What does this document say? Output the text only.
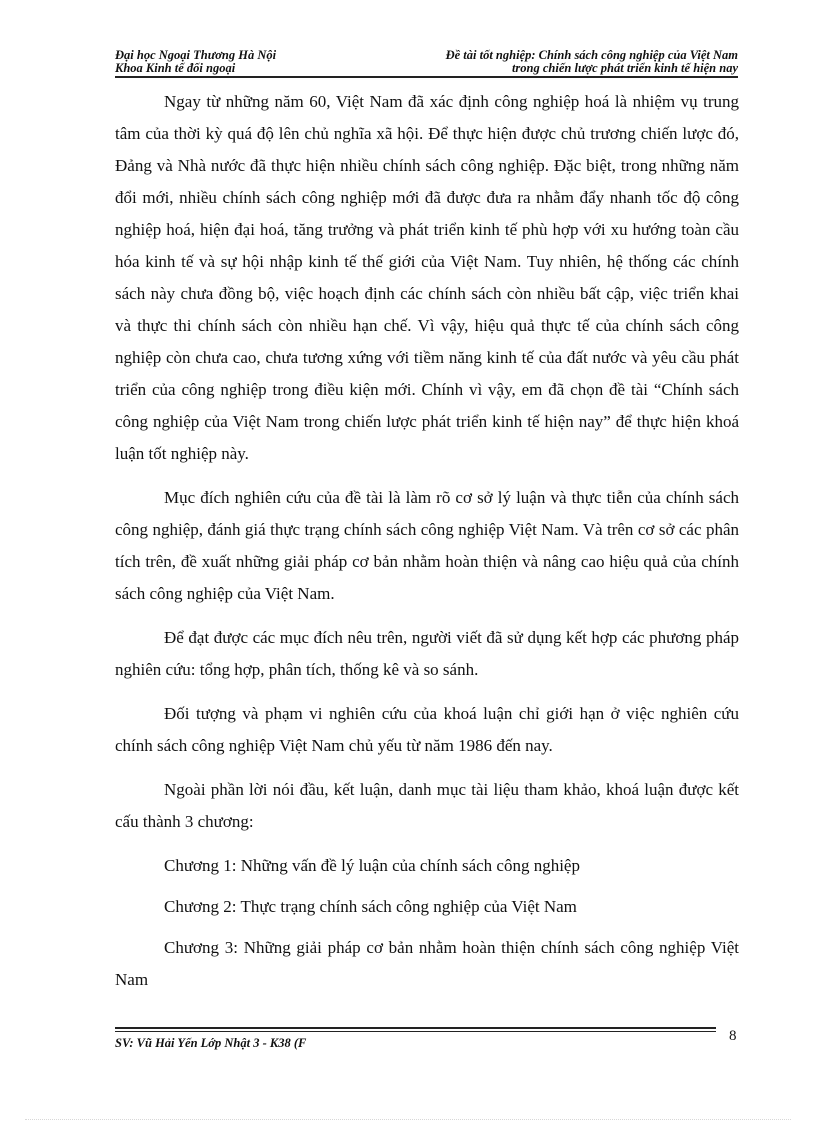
Đại học Ngoại Thương Hà Nội	Đề tài tốt nghiệp: Chính sách công nghiệp của Việt Nam
Khoa Kinh tế đối ngoại	trong chiến lược phát triển kinh tế hiện nay

Ngay từ những năm 60, Việt Nam đã xác định công nghiệp hoá là nhiệm vụ trung tâm của thời kỳ quá độ lên chủ nghĩa xã hội. Để thực hiện được chủ trương chiến lược đó, Đảng và Nhà nước đã thực hiện nhiều chính sách công nghiệp. Đặc biệt, trong những năm đổi mới, nhiều chính sách công nghiệp mới đã được đưa ra nhằm đẩy nhanh tốc độ công nghiệp hoá, hiện đại hoá, tăng trưởng và phát triển kinh tế phù hợp với xu hướng toàn cầu hóa kinh tế và sự hội nhập kinh tế thế giới của Việt Nam. Tuy nhiên, hệ thống các chính sách này chưa đồng bộ, việc hoạch định các chính sách còn nhiều bất cập, việc triển khai và thực thi chính sách còn nhiều hạn chế. Vì vậy, hiệu quả thực tế của chính sách công nghiệp còn chưa cao, chưa tương xứng với tiềm năng kinh tế của đất nước và yêu cầu phát triển của công nghiệp trong điều kiện mới. Chính vì vậy, em đã chọn đề tài “Chính sách công nghiệp của Việt Nam trong chiến lược phát triển kinh tế hiện nay” để thực hiện khoá luận tốt nghiệp này.

Mục đích nghiên cứu của đề tài là làm rõ cơ sở lý luận và thực tiễn của chính sách công nghiệp, đánh giá thực trạng chính sách công nghiệp Việt Nam. Và trên cơ sở các phân tích trên, đề xuất những giải pháp cơ bản nhằm hoàn thiện và nâng cao hiệu quả của chính sách công nghiệp của Việt Nam.

Để đạt được các mục đích nêu trên, người viết đã sử dụng kết hợp các phương pháp nghiên cứu: tổng hợp, phân tích, thống kê và so sánh.

Đối tượng và phạm vi nghiên cứu của khoá luận chỉ giới hạn ở việc nghiên cứu chính sách công nghiệp Việt Nam chủ yếu từ năm 1986 đến nay.

Ngoài phần lời nói đầu, kết luận, danh mục tài liệu tham khảo, khoá luận được kết cấu thành 3 chương:

Chương 1: Những vấn đề lý luận của chính sách công nghiệp

Chương 2: Thực trạng chính sách công nghiệp của Việt Nam

Chương 3: Những giải pháp cơ bản nhằm hoàn thiện chính sách công nghiệp Việt Nam

SV: Vũ Hải Yến Lớp Nhật 3 - K38 (F	8
